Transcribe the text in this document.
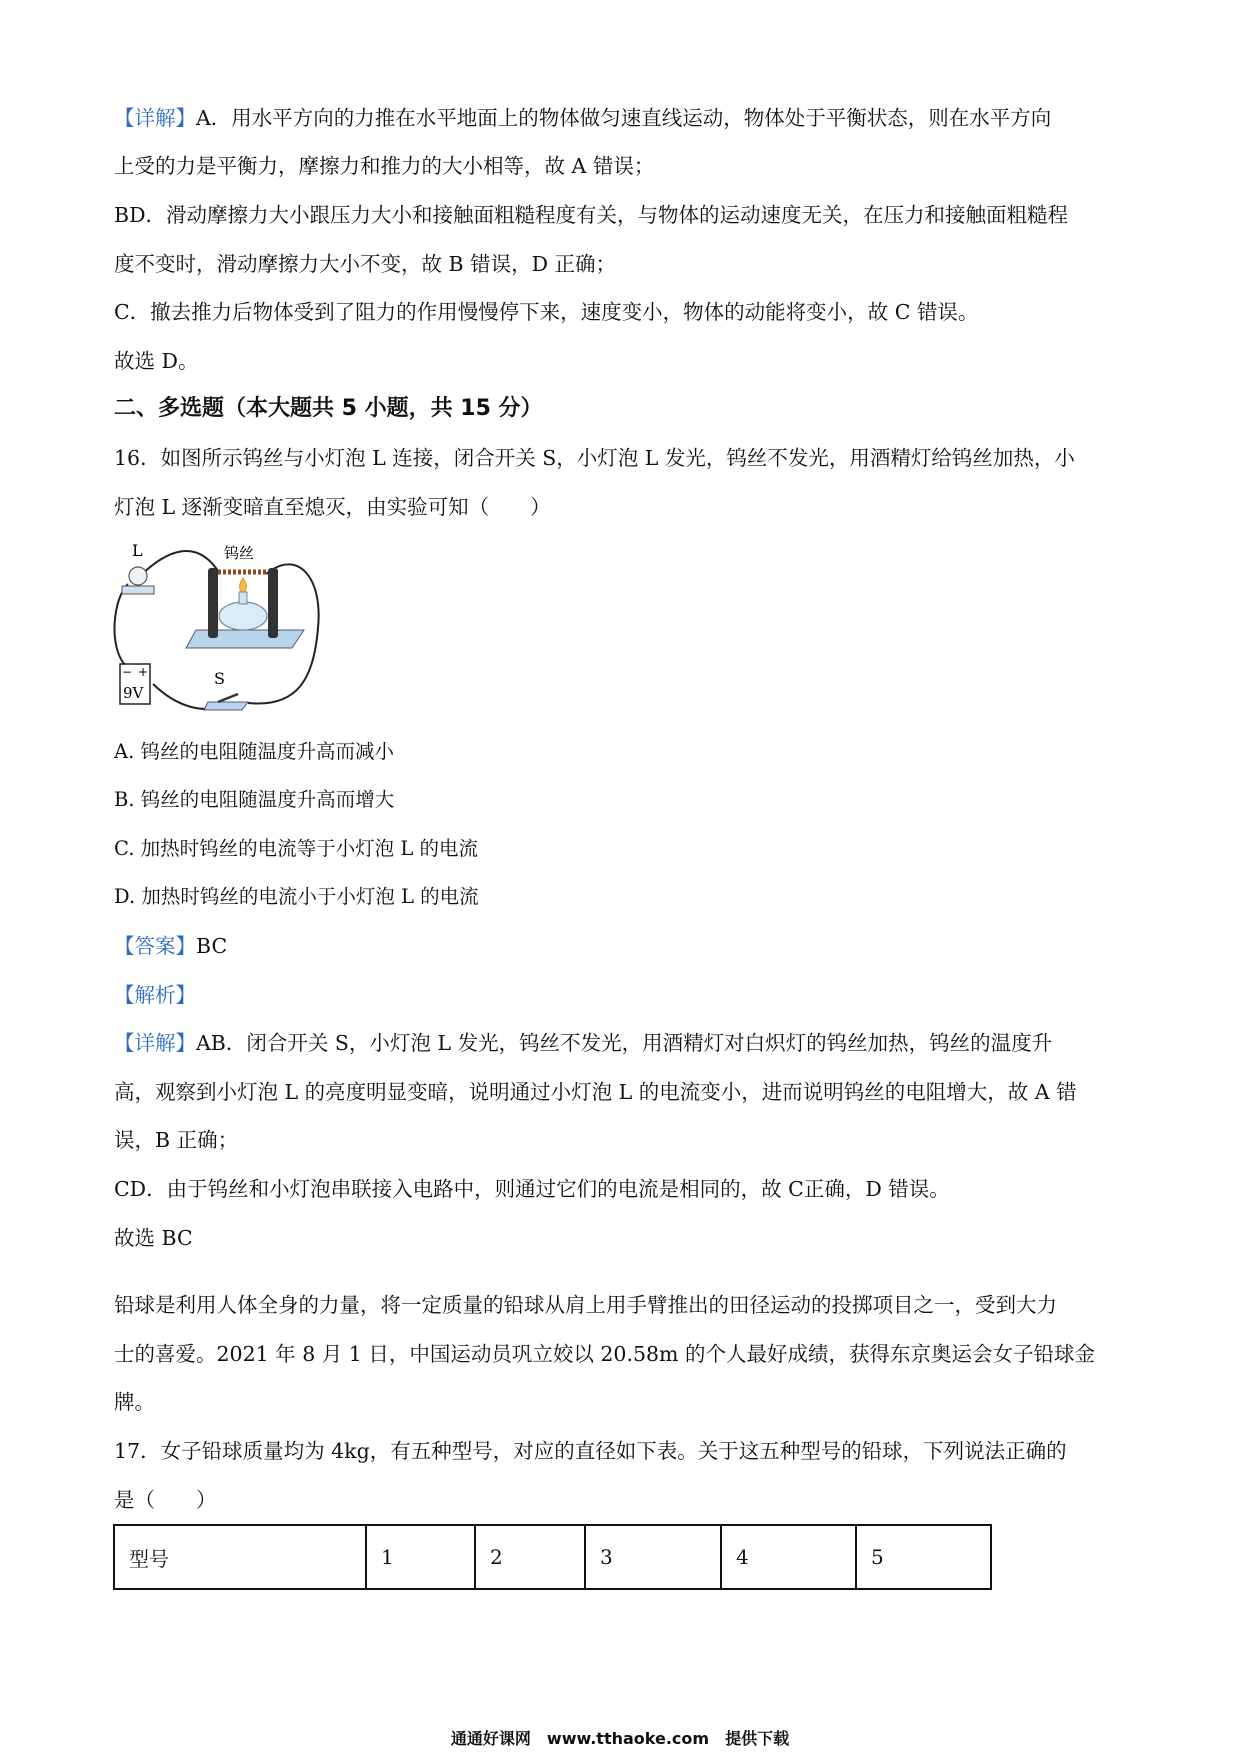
【详解】A．用水平方向的力推在水平地面上的物体做匀速直线运动，物体处于平衡状态，则在水平方向
上受的力是平衡力，摩擦力和推力的大小相等，故 A 错误；
BD．滑动摩擦力大小跟压力大小和接触面粗糙程度有关，与物体的运动速度无关，在压力和接触面粗糙程
度不变时，滑动摩擦力大小不变，故 B 错误，D 正确；
C．撤去推力后物体受到了阻力的作用慢慢停下来，速度变小，物体的动能将变小，故 C 错误。
故选 D。
二、多选题（本大题共 5 小题，共 15 分）
16．如图所示钨丝与小灯泡 L 连接，闭合开关 S，小灯泡 L 发光，钨丝不发光，用酒精灯给钨丝加热，小
灯泡 L 逐渐变暗直至熄灭，由实验可知（　　）
L	钨丝
− +
9V
S
A. 钨丝的电阻随温度升高而减小
B. 钨丝的电阻随温度升高而增大
C. 加热时钨丝的电流等于小灯泡 L 的电流
D. 加热时钨丝的电流小于小灯泡 L 的电流
【答案】BC
【解析】
【详解】AB．闭合开关 S，小灯泡 L 发光，钨丝不发光，用酒精灯对白炽灯的钨丝加热，钨丝的温度升
高，观察到小灯泡 L 的亮度明显变暗，说明通过小灯泡 L 的电流变小，进而说明钨丝的电阻增大，故 A 错
误，B 正确；
CD．由于钨丝和小灯泡串联接入电路中，则通过它们的电流是相同的，故 C正确，D 错误。
故选 BC
铅球是利用人体全身的力量，将一定质量的铅球从肩上用手臂推出的田径运动的投掷项目之一，受到大力
士的喜爱。2021 年 8 月 1 日，中国运动员巩立姣以 20.58m 的个人最好成绩，获得东京奥运会女子铅球金
牌。
17．女子铅球质量均为 4kg，有五种型号，对应的直径如下表。关于这五种型号的铅球，下列说法正确的
是（　　）
型号	1	2	3	4	5
通通好课网　www.tthaoke.com　提供下载
